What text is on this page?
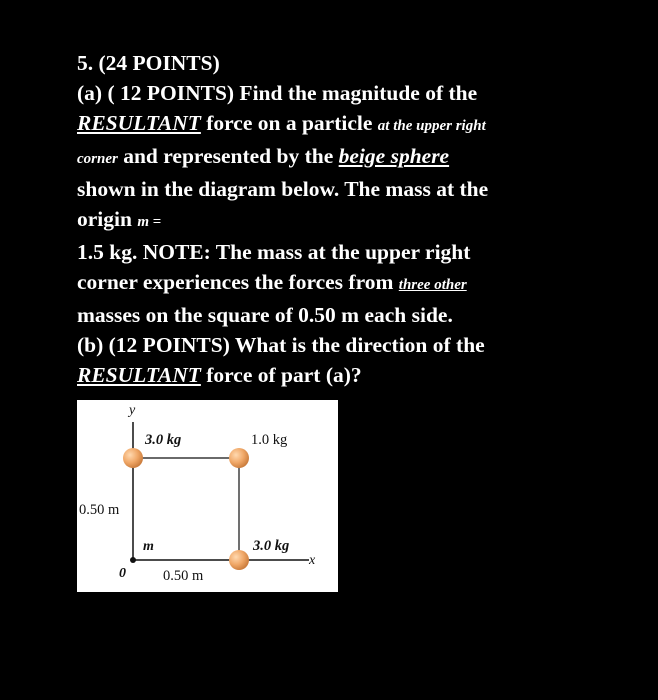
5. (24 POINTS)
(a) ( 12 POINTS) Find the magnitude of the
RESULTANT force on a particle at the upper right
corner and represented by the beige sphere
shown in the diagram below. The mass at the
origin m =
1.5 kg. NOTE: The mass at the upper right
corner experiences the forces from three other
masses on the square of 0.50 m each side.
(b) (12 POINTS) What is the direction of the
RESULTANT force of part (a)?
y
x
0
3.0 kg	1.0 kg
3.0 kg
m
0.50 m
0.50 m
